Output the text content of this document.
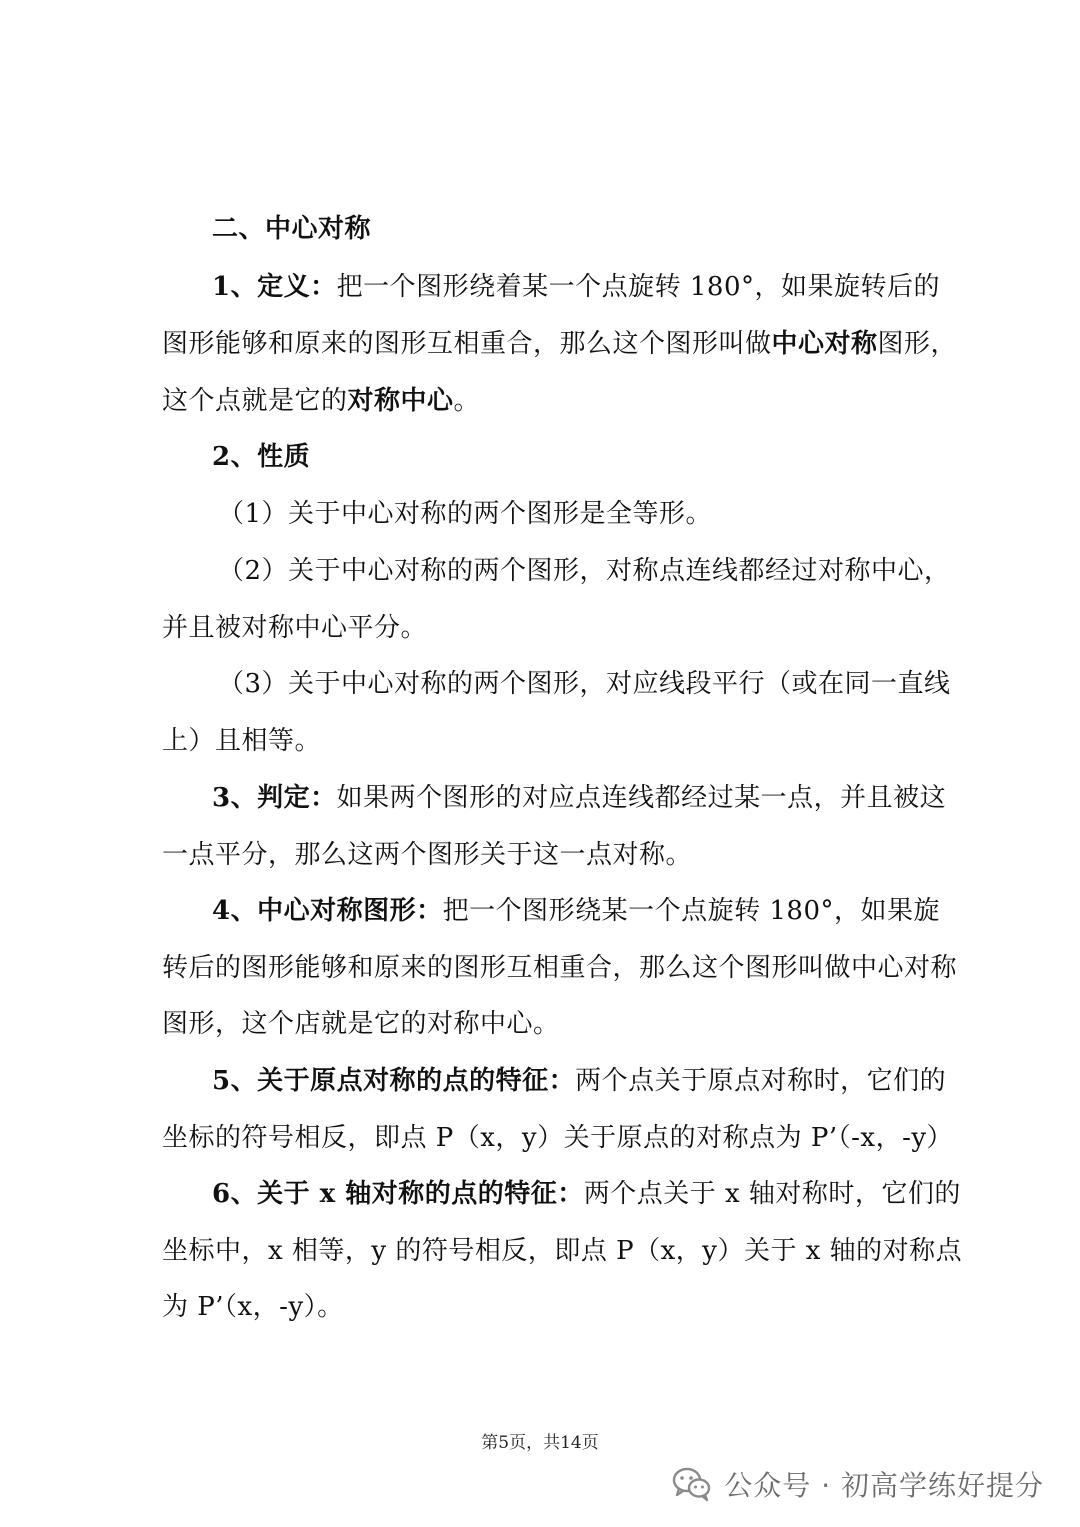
二、中心对称
1、定义：把一个图形绕着某一个点旋转 180°，如果旋转后的
图形能够和原来的图形互相重合，那么这个图形叫做中心对称图形，
这个点就是它的对称中心。
2、性质
（1）关于中心对称的两个图形是全等形。
（2）关于中心对称的两个图形，对称点连线都经过对称中心，
并且被对称中心平分。
（3）关于中心对称的两个图形，对应线段平行（或在同一直线
上）且相等。
3、判定：如果两个图形的对应点连线都经过某一点，并且被这
一点平分，那么这两个图形关于这一点对称。
4、中心对称图形：把一个图形绕某一个点旋转 180°，如果旋
转后的图形能够和原来的图形互相重合，那么这个图形叫做中心对称
图形，这个店就是它的对称中心。
5、关于原点对称的点的特征：两个点关于原点对称时，它们的
坐标的符号相反，即点 P（x，y）关于原点的对称点为 P’（-x，-y）
6、关于 x 轴对称的点的特征：两个点关于 x 轴对称时，它们的
坐标中，x 相等，y 的符号相反，即点 P（x，y）关于 x 轴的对称点
为 P’（x，-y）。
第5页，共14页
公众号 · 初高学练好提分
